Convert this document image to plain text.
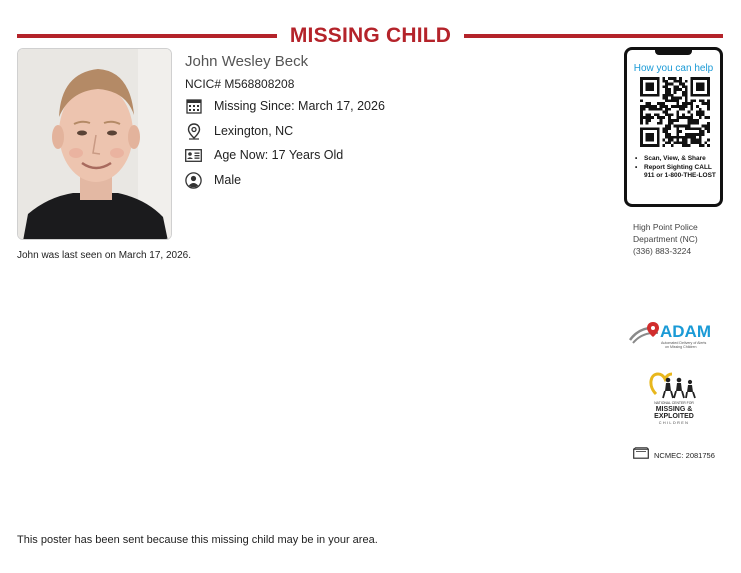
MISSING CHILD
John Wesley Beck
NCIC# M568808208
Missing Since: March 17, 2026
Lexington, NC
Age Now: 17 Years Old
Male
John was last seen on March 17, 2026.
How you can help
• Scan, View, & Share
• Report Sighting CALL 911 or 1-800-THE-LOST
High Point Police
Department (NC)
(336) 883-3224
ADAM
Automated Delivery of Alerts
on Missing Children
NATIONAL CENTER FOR
MISSING &
EXPLOITED
CHILDREN
NCMEC: 2081756
This poster has been sent because this missing child may be in your area.
